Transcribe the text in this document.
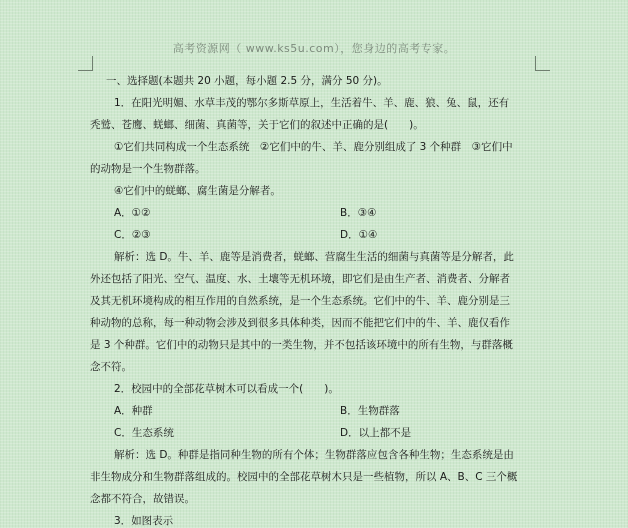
高考资源网（ www.ks5u.com），您身边的高考专家。
一、选择题(本题共 20 小题，每小题 2.5 分，满分 50 分)。
1．在阳光明媚、水草丰茂的鄂尔多斯草原上，生活着牛、羊、鹿、狼、兔、鼠，还有
秃鹫、苍鹰、蜣螂、细菌、真菌等，关于它们的叙述中正确的是(　　)。
①它们共同构成一个生态系统　②它们中的牛、羊、鹿分别组成了 3 个种群　③它们中
的动物是一个生物群落。
④它们中的蜣螂、腐生菌是分解者。
A．①②	B．③④
C．②③	D．①④
解析：选 D。牛、羊、鹿等是消费者，蜣螂、营腐生生活的细菌与真菌等是分解者，此
外还包括了阳光、空气、温度、水、土壤等无机环境，即它们是由生产者、消费者、分解者
及其无机环境构成的相互作用的自然系统，是一个生态系统。它们中的牛、羊、鹿分别是三
种动物的总称，每一种动物会涉及到很多具体种类，因而不能把它们中的牛、羊、鹿仅看作
是 3 个种群。它们中的动物只是其中的一类生物，并不包括该环境中的所有生物，与群落概
念不符。
2．校园中的全部花草树木可以看成一个(　　)。
A．种群	B．生物群落
C．生态系统	D．以上都不是
解析：选 D。种群是指同种生物的所有个体；生物群落应包含各种生物；生态系统是由
非生物成分和生物群落组成的。校园中的全部花草树木只是一些植物，所以 A、B、C 三个概
念都不符合，故错误。
3．如图表示
